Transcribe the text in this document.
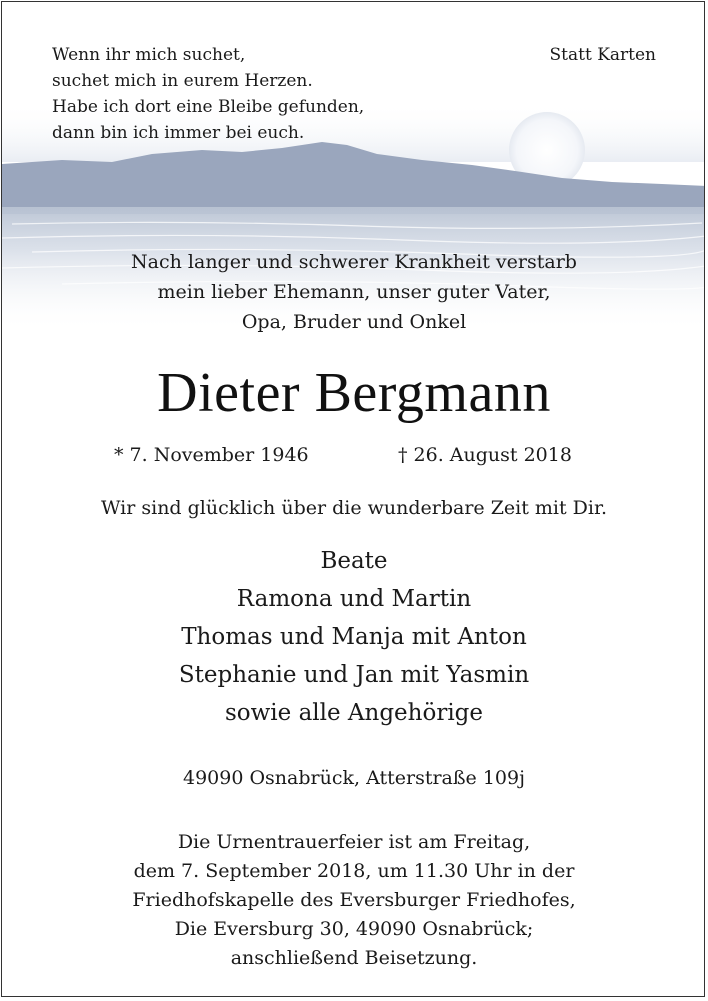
Wenn ihr mich suchet,
suchet mich in eurem Herzen.
Habe ich dort eine Bleibe gefunden,
dann bin ich immer bei euch.
Statt Karten
Nach langer und schwerer Krankheit verstarb
mein lieber Ehemann, unser guter Vater,
Opa, Bruder und Onkel
Dieter Bergmann
* 7. November 1946	† 26. August 2018
Wir sind glücklich über die wunderbare Zeit mit Dir.
Beate
Ramona und Martin
Thomas und Manja mit Anton
Stephanie und Jan mit Yasmin
sowie alle Angehörige
49090 Osnabrück, Atterstraße 109j
Die Urnentrauerfeier ist am Freitag,
dem 7. September 2018, um 11.30 Uhr in der
Friedhofskapelle des Eversburger Friedhofes,
Die Eversburg 30, 49090 Osnabrück;
anschließend Beisetzung.
